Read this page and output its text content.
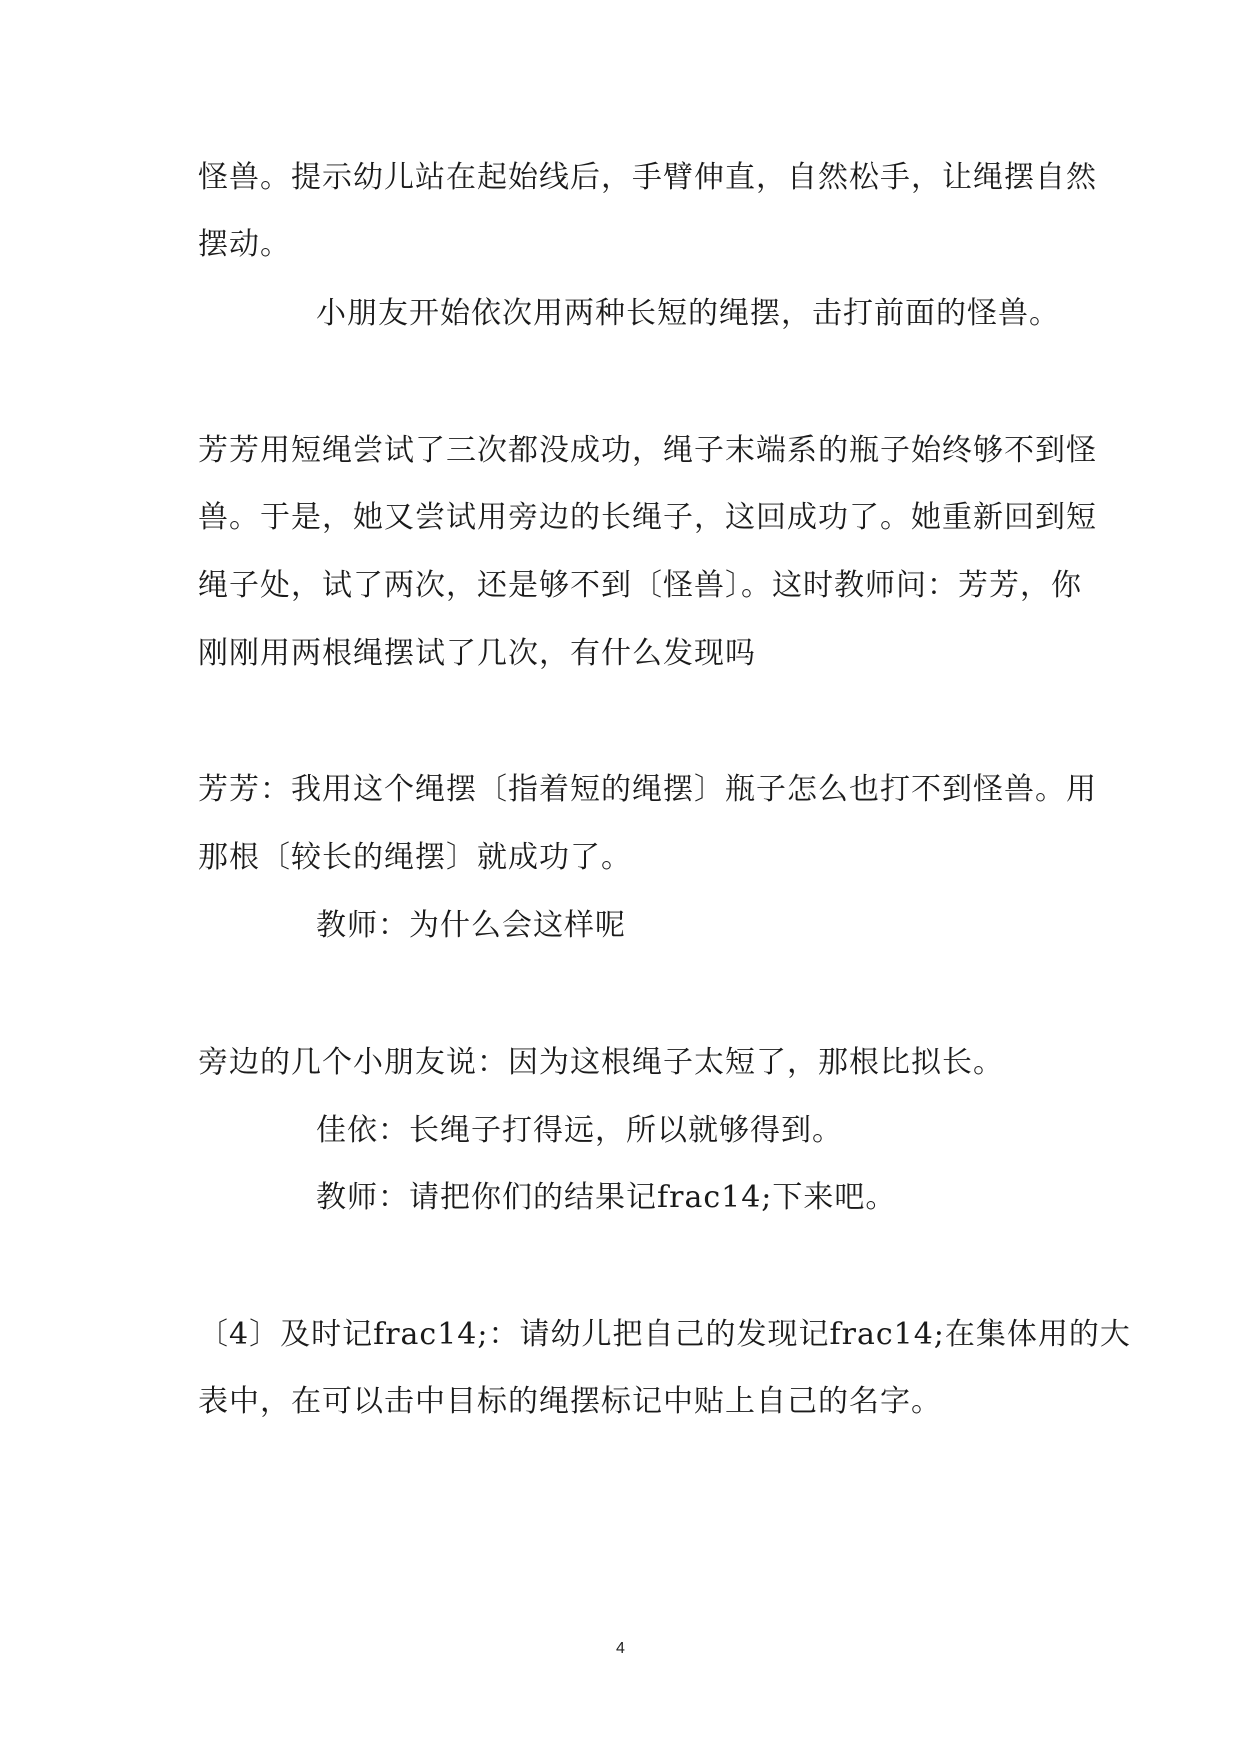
怪兽。提示幼儿站在起始线后，手臂伸直，自然松手，让绳摆自然
摆动。
小朋友开始依次用两种长短的绳摆，击打前面的怪兽。
芳芳用短绳尝试了三次都没成功，绳子末端系的瓶子始终够不到怪
兽。于是，她又尝试用旁边的长绳子，这回成功了。她重新回到短
绳子处，试了两次，还是够不到〔怪兽〕。这时教师问：芳芳，你
刚刚用两根绳摆试了几次，有什么发现吗
芳芳：我用这个绳摆〔指着短的绳摆〕瓶子怎么也打不到怪兽。用
那根〔较长的绳摆〕就成功了。
教师：为什么会这样呢
旁边的几个小朋友说：因为这根绳子太短了，那根比拟长。
佳依：长绳子打得远，所以就够得到。
教师：请把你们的结果记frac14;下来吧。
〔4〕及时记frac14;：请幼儿把自己的发现记frac14;在集体用的大
表中，在可以击中目标的绳摆标记中贴上自己的名字。
4
